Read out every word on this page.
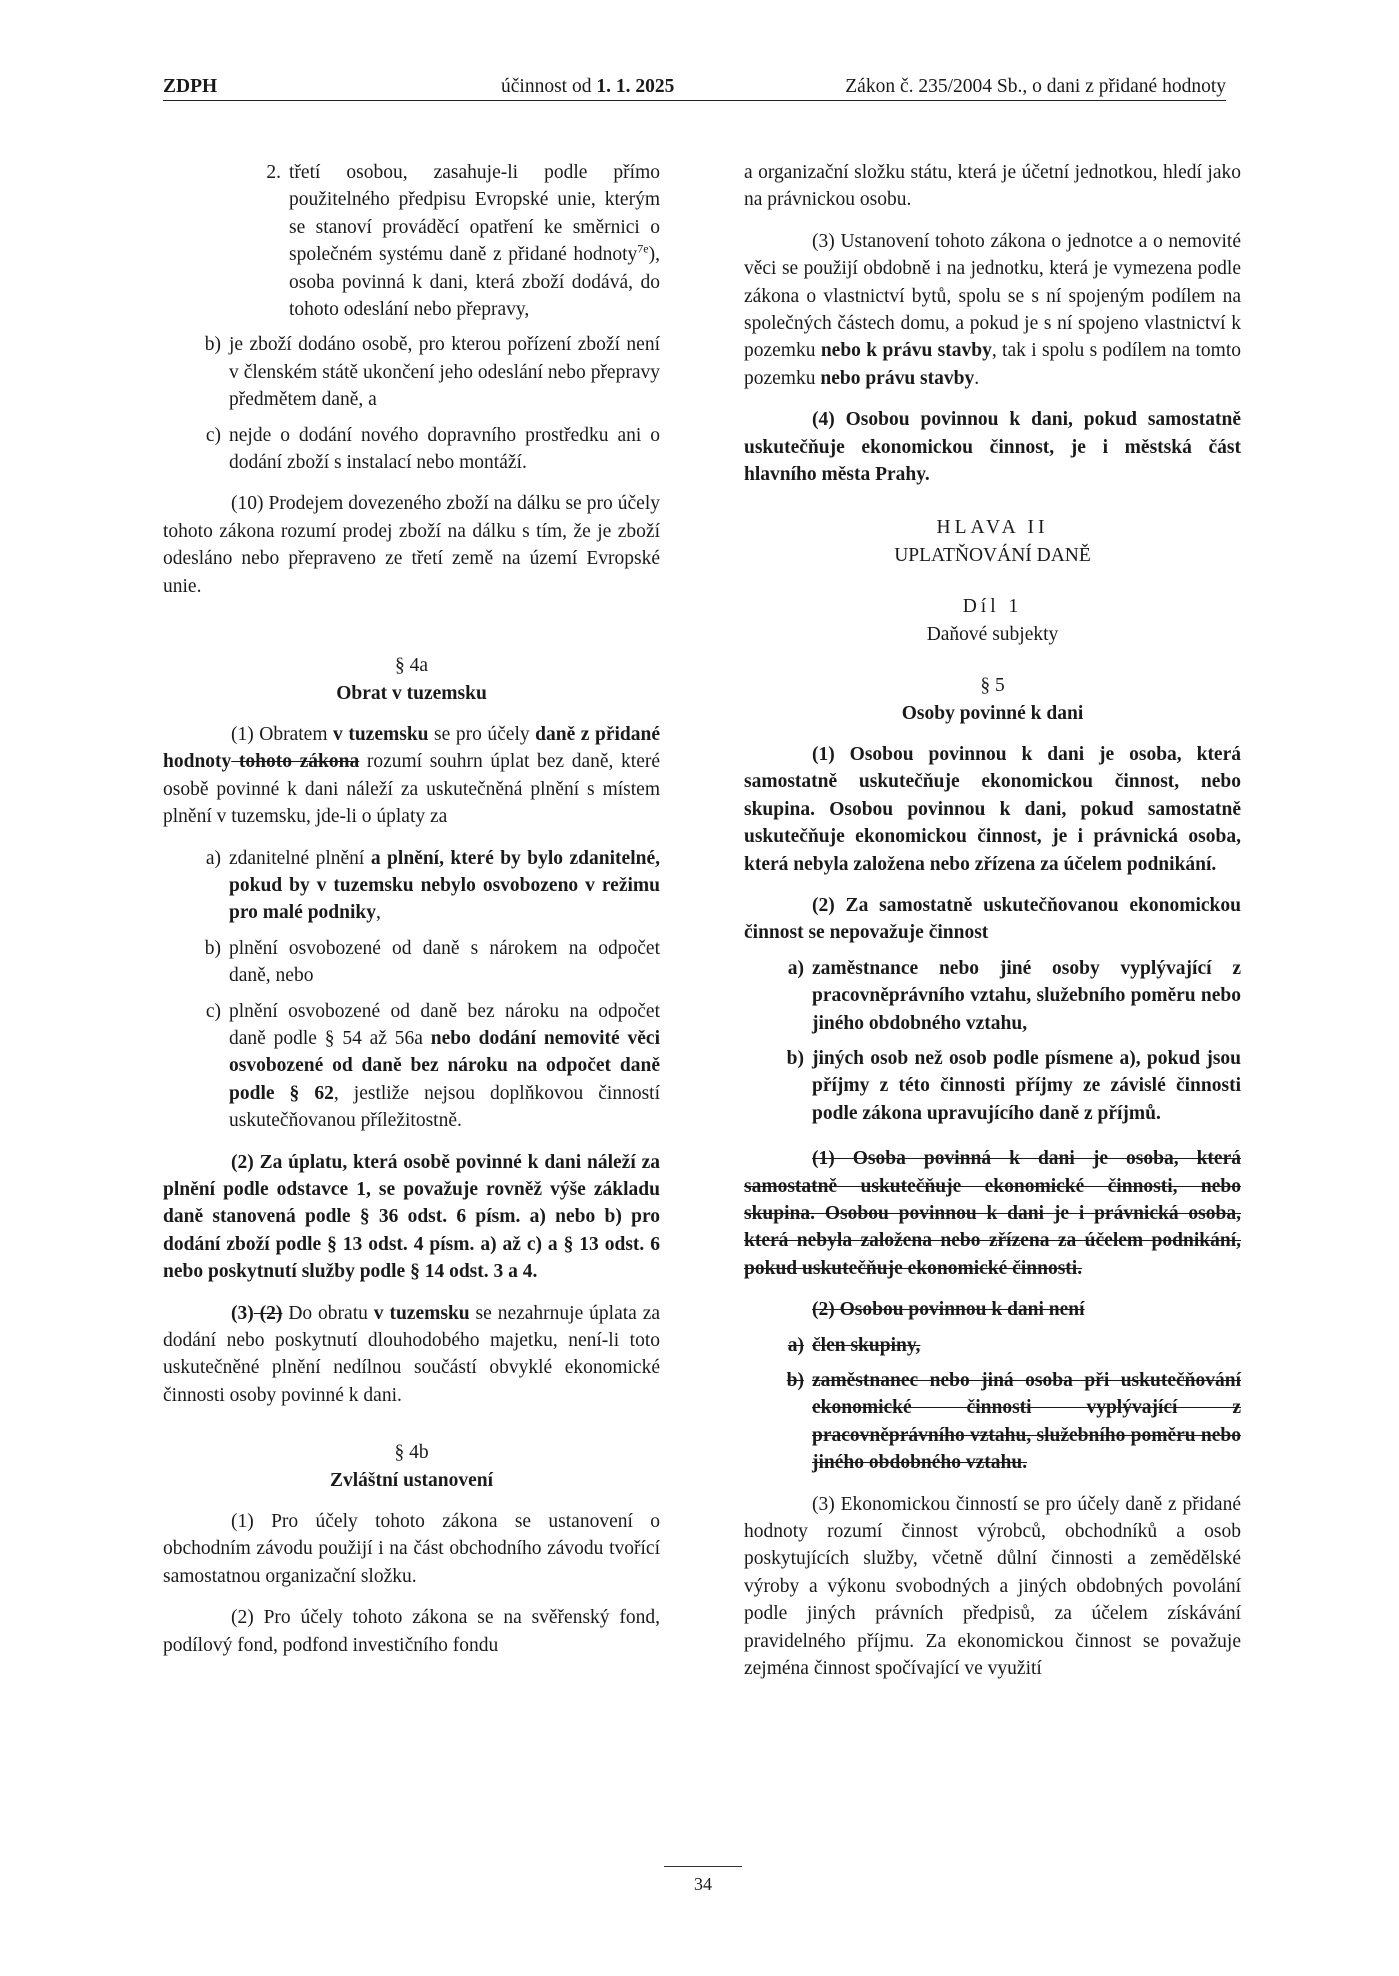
ZDPH	účinnost od 1. 1. 2025	Zákon č. 235/2004 Sb., o dani z přidané hodnoty
2. třetí osobou, zasahuje-li podle přímo použitelného předpisu Evropské unie, kterým se stanoví prováděcí opatření ke směrnici o společném systému daně z přidané hodnoty$^{7e}$), osoba povinná k dani, která zboží dodává, do tohoto odeslání nebo přepravy,
b) je zboží dodáno osobě, pro kterou pořízení zboží není v členském státě ukončení jeho odeslání nebo přepravy předmětem daně, a
c) nejde o dodání nového dopravního prostředku ani o dodání zboží s instalací nebo montáží.

(10) Prodejem dovezeného zboží na dálku se pro účely tohoto zákona rozumí prodej zboží na dálku s tím, že je zboží odesláno nebo přepraveno ze třetí země na území Evropské unie.

§ 4a

Obrat v tuzemsku

(1) Obratem v tuzemsku se pro účely daně z přidané hodnoty tohoto zákona rozumí souhrn úplat bez daně, které osobě povinné k dani náleží za uskutečněná plnění s místem plnění v tuzemsku, jde-li o úplaty za

a) zdanitelné plnění a plnění, které by bylo zdanitelné, pokud by v tuzemsku nebylo osvobozeno v režimu pro malé podniky,
b) plnění osvobozené od daně s nárokem na odpočet daně, nebo
c) plnění osvobozené od daně bez nároku na odpočet daně podle § 54 až 56a nebo dodání nemovité věci osvobozené od daně bez nároku na odpočet daně podle § 62, jestliže nejsou doplňkovou činností uskutečňovanou příležitostně.

(2) Za úplatu, která osobě povinné k dani náleží za plnění podle odstavce 1, se považuje rovněž výše základu daně stanovená podle § 36 odst. 6 písm. a) nebo b) pro dodání zboží podle § 13 odst. 4 písm. a) až c) a § 13 odst. 6 nebo poskytnutí služby podle § 14 odst. 3 a 4.

(3) (2) Do obratu v tuzemsku se nezahrnuje úplata za dodání nebo poskytnutí dlouhodobého majetku, není-li toto uskutečněné plnění nedílnou součástí obvyklé ekonomické činnosti osoby povinné k dani.

§ 4b

Zvláštní ustanovení

(1) Pro účely tohoto zákona se ustanovení o obchodním závodu použijí i na část obchodního závodu tvořící samostatnou organizační složku.

(2) Pro účely tohoto zákona se na svěřenský fond, podílový fond, podfond investičního fondu

a organizační složku státu, která je účetní jednotkou, hledí jako na právnickou osobu.

(3) Ustanovení tohoto zákona o jednotce a o nemovité věci se použijí obdobně i na jednotku, která je vymezena podle zákona o vlastnictví bytů, spolu se s ní spojeným podílem na společných částech domu, a pokud je s ní spojeno vlastnictví k pozemku nebo k právu stavby, tak i spolu s podílem na tomto pozemku nebo právu stavby.

(4) Osobou povinnou k dani, pokud samostatně uskutečňuje ekonomickou činnost, je i městská část hlavního města Prahy.

HLAVA II

UPLATŇOVÁNÍ DANĚ

Díl 1

Daňové subjekty

§ 5

Osoby povinné k dani

(1) Osobou povinnou k dani je osoba, která samostatně uskutečňuje ekonomickou činnost, nebo skupina. Osobou povinnou k dani, pokud samostatně uskutečňuje ekonomickou činnost, je i právnická osoba, která nebyla založena nebo zřízena za účelem podnikání.

(2) Za samostatně uskutečňovanou ekonomickou činnost se nepovažuje činnost

a) zaměstnance nebo jiné osoby vyplývající z pracovněprávního vztahu, služebního poměru nebo jiného obdobného vztahu,
b) jiných osob než osob podle písmene a), pokud jsou příjmy z této činnosti příjmy ze závislé činnosti podle zákona upravujícího daně z příjmů.

(1) Osoba povinná k dani je osoba, která samostatně uskutečňuje ekonomické činnosti, nebo skupina. Osobou povinnou k dani je i právnická osoba, která nebyla založena nebo zřízena za účelem podnikání, pokud uskutečňuje ekonomické činnosti.

(2) Osobou povinnou k dani není

a) člen skupiny,
b) zaměstnanec nebo jiná osoba při uskutečňování ekonomické činnosti vyplývající z pracovněprávního vztahu, služebního poměru nebo jiného obdobného vztahu.

(3) Ekonomickou činností se pro účely daně z přidané hodnoty rozumí činnost výrobců, obchodníků a osob poskytujících služby, včetně důlní činnosti a zemědělské výroby a výkonu svobodných a jiných obdobných povolání podle jiných právních předpisů, za účelem získávání pravidelného příjmu. Za ekonomickou činnost se považuje zejména činnost spočívající ve využití

34
